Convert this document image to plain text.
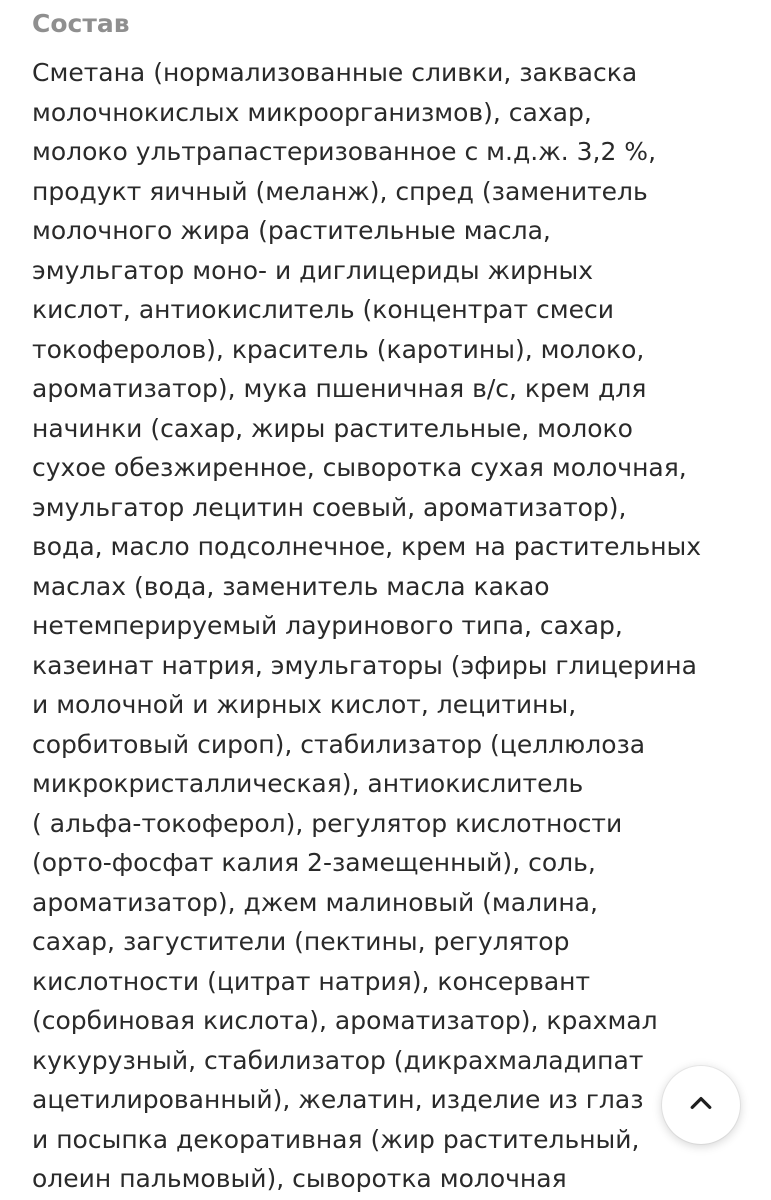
Состав
Сметана (нормализованные сливки, закваска
молочнокислых микроорганизмов), сахар,
молоко ультрапастеризованное с м.д.ж. 3,2 %,
продукт яичный (меланж), спред (заменитель
молочного жира (растительные масла,
эмульгатор моно- и диглицериды жирных
кислот, антиокислитель (концентрат смеси
токоферолов), краситель (каротины), молоко,
ароматизатор), мука пшеничная в/с, крем для
начинки (сахар, жиры растительные, молоко
сухое обезжиренное, сыворотка сухая молочная,
эмульгатор лецитин соевый, ароматизатор),
вода, масло подсолнечное, крем на растительных
маслах (вода, заменитель масла какао
нетемперируемый лауринового типа, сахар,
казеинат натрия, эмульгаторы (эфиры глицерина
и молочной и жирных кислот, лецитины,
сорбитовый сироп), стабилизатор (целлюлоза
микрокристаллическая), антиокислитель
( альфа-токоферол), регулятор кислотности
(орто-фосфат калия 2-замещенный), соль,
ароматизатор), джем малиновый (малина,
сахар, загустители (пектины, регулятор
кислотности (цитрат натрия), консервант
(сорбиновая кислота), ароматизатор), крахмал
кукурузный, стабилизатор (дикрахмаладипат
ацетилированный), желатин, изделие из глаз
и посыпка декоративная (жир растительный,
олеин пальмовый), сыворотка молочная
